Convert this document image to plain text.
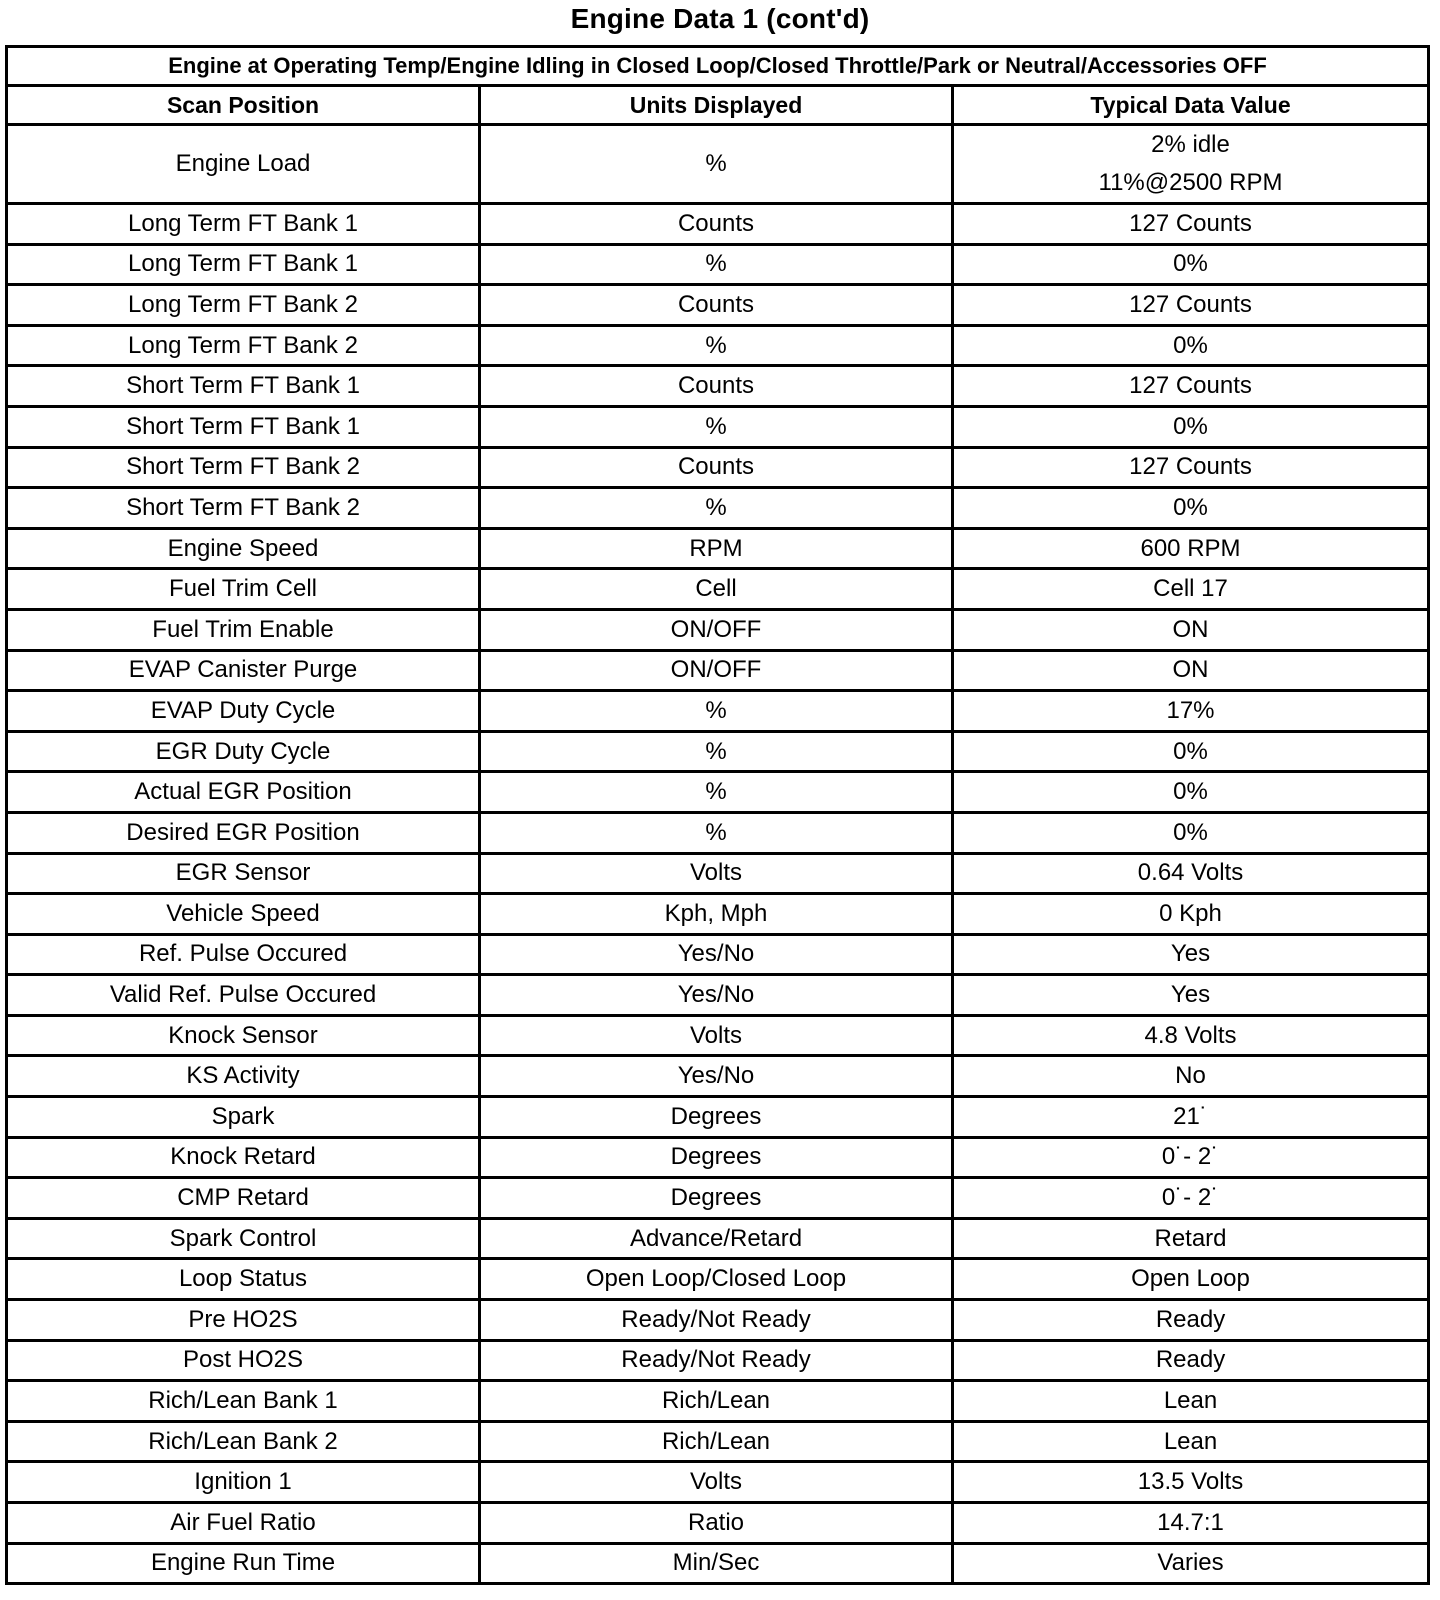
Engine Data 1 (cont'd)
Engine at Operating Temp/Engine Idling in Closed Loop/Closed Throttle/Park or Neutral/Accessories OFF		
Scan Position	Units Displayed	Typical Data Value
Engine Load	%	2% idle
11%@2500 RPM

Long Term FT Bank 1	Counts	127 Counts
Long Term FT Bank 1	%	0%
Long Term FT Bank 2	Counts	127 Counts
Long Term FT Bank 2	%	0%
Short Term FT Bank 1	Counts	127 Counts
Short Term FT Bank 1	%	0%
Short Term FT Bank 2	Counts	127 Counts
Short Term FT Bank 2	%	0%
Engine Speed	RPM	600 RPM
Fuel Trim Cell	Cell	Cell 17
Fuel Trim Enable	ON/OFF	ON
EVAP Canister Purge	ON/OFF	ON
EVAP Duty Cycle	%	17%
EGR Duty Cycle	%	0%
Actual EGR Position	%	0%
Desired EGR Position	%	0%
EGR Sensor	Volts	0.64 Volts
Vehicle Speed	Kph, Mph	0 Kph
Ref. Pulse Occured	Yes/No	Yes
Valid Ref. Pulse Occured	Yes/No	Yes
Knock Sensor	Volts	4.8 Volts
KS Activity	Yes/No	No
Spark	Degrees	21˙
Knock Retard	Degrees	0˙- 2˙
CMP Retard	Degrees	0˙- 2˙
Spark Control	Advance/Retard	Retard
Loop Status	Open Loop/Closed Loop	Open Loop
Pre HO2S	Ready/Not Ready	Ready
Post HO2S	Ready/Not Ready	Ready
Rich/Lean Bank 1	Rich/Lean	Lean
Rich/Lean Bank 2	Rich/Lean	Lean
Ignition 1	Volts	13.5 Volts
Air Fuel Ratio	Ratio	14.7:1
Engine Run Time	Min/Sec	Varies
